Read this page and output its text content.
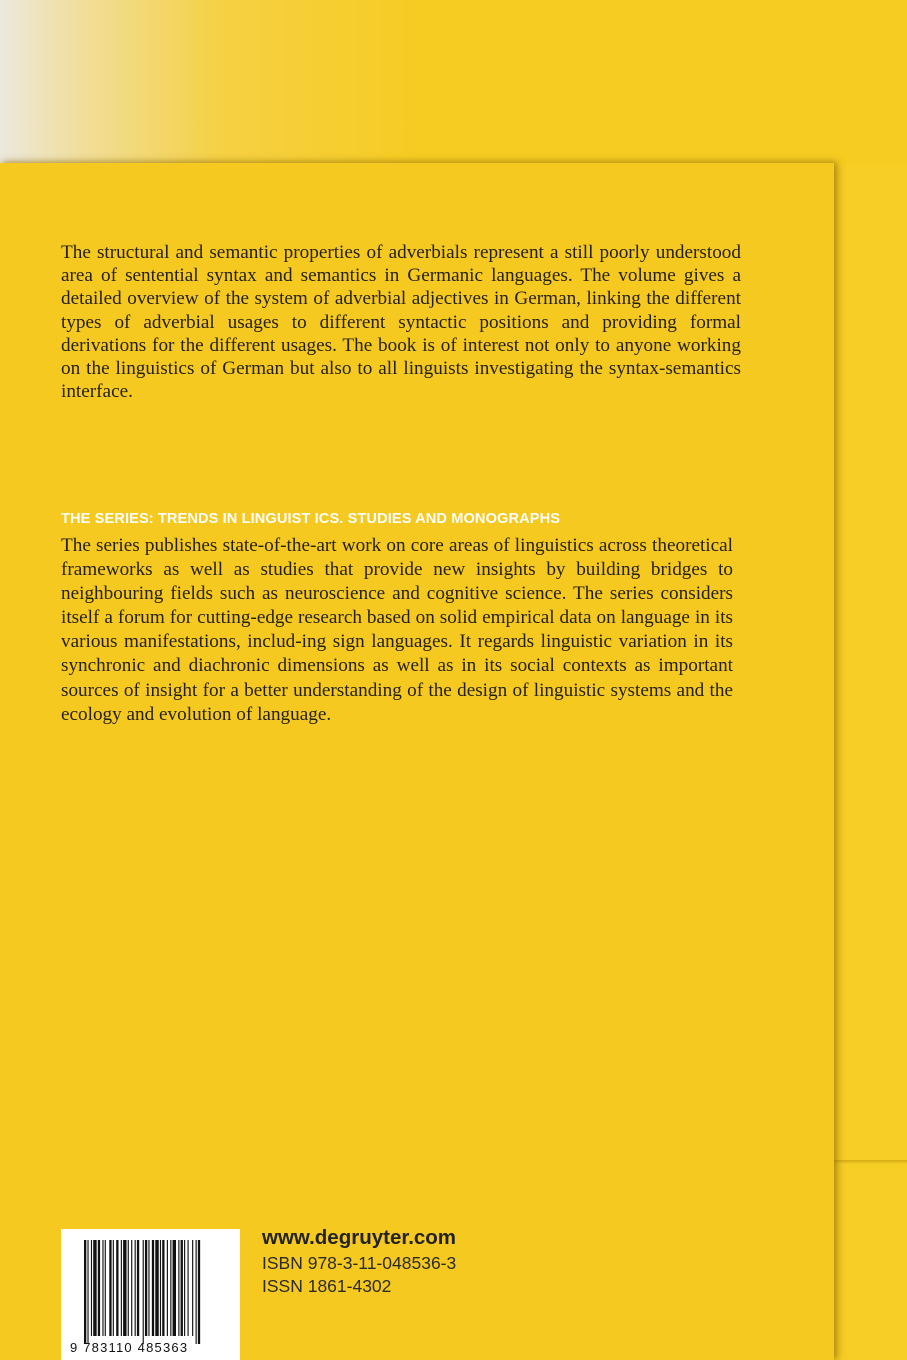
The structural and semantic properties of adverbials represent a still poorly understood area of sentential syntax and semantics in Germanic languages. The volume gives a detailed overview of the system of adverbial adjectives in German, linking the different types of adverbial usages to different syntactic positions and providing formal derivations for the different usages. The book is of interest not only to anyone working on the linguistics of German but also to all linguists investigating the syntax-semantics interface.

THE SERIES: TRENDS IN LINGUIST ICS. STUDIES AND MONOGRAPHS

The series publishes state-of-the-art work on core areas of linguistics across theoretical frameworks as well as studies that provide new insights by building bridges to neighbouring fields such as neuroscience and cognitive science. The series considers itself a forum for cutting-edge research based on solid empirical data on language in its various manifestations, includ-ing sign languages. It regards linguistic variation in its synchronic and diachronic dimensions as well as in its social contexts as important sources of insight for a better understanding of the design of linguistic systems and the ecology and evolution of language.

9 783110 485363

www.degruyter.com

ISBN 978-3-11-048536-3

ISSN 1861-4302
